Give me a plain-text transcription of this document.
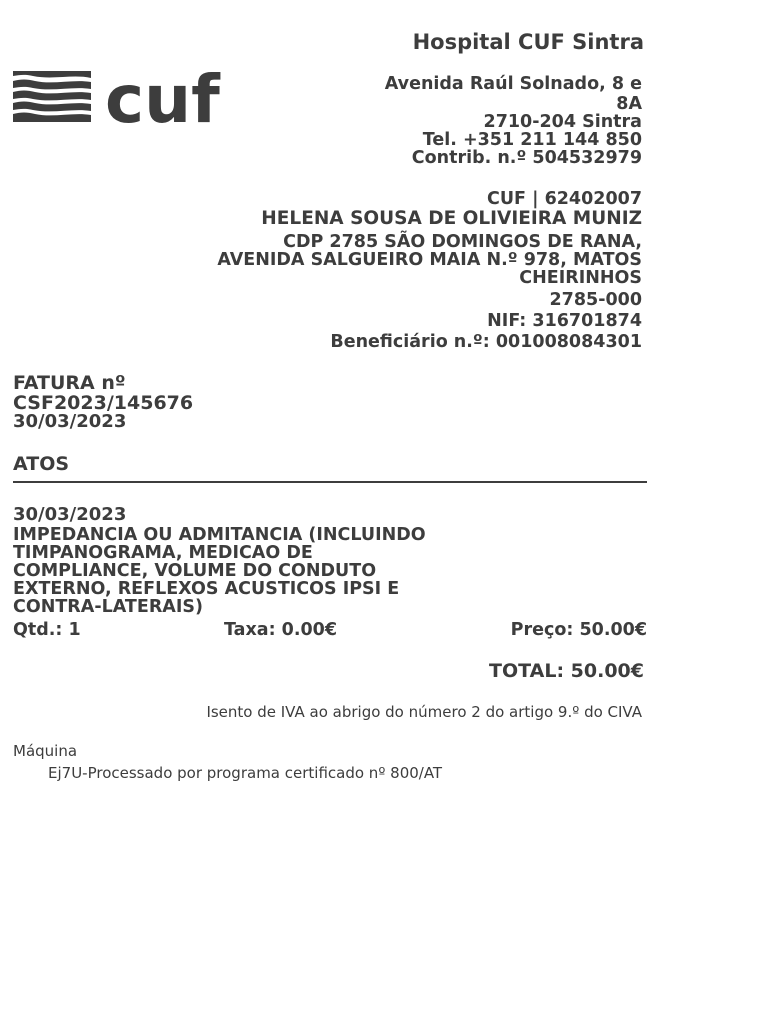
cuf
Hospital CUF Sintra
Avenida Raúl Solnado, 8 e
8A
2710-204 Sintra
Tel. +351 211 144 850
Contrib. n.º 504532979
CUF | 62402007
HELENA SOUSA DE OLIVIEIRA MUNIZ
CDP 2785 SÃO DOMINGOS DE RANA,
AVENIDA SALGUEIRO MAIA N.º 978, MATOS
CHEIRINHOS
2785-000
NIF: 316701874
Beneficiário n.º: 001008084301
FATURA nº
CSF2023/145676
30/03/2023
ATOS
30/03/2023
IMPEDANCIA OU ADMITANCIA (INCLUINDO
TIMPANOGRAMA, MEDICAO DE
COMPLIANCE, VOLUME DO CONDUTO
EXTERNO, REFLEXOS ACUSTICOS IPSI E
CONTRA-LATERAIS)
Qtd.: 1	Taxa: 0.00€	Preço: 50.00€
TOTAL: 50.00€
Isento de IVA ao abrigo do número 2 do artigo 9.º do CIVA
Máquina
Ej7U-Processado por programa certificado nº 800/AT
